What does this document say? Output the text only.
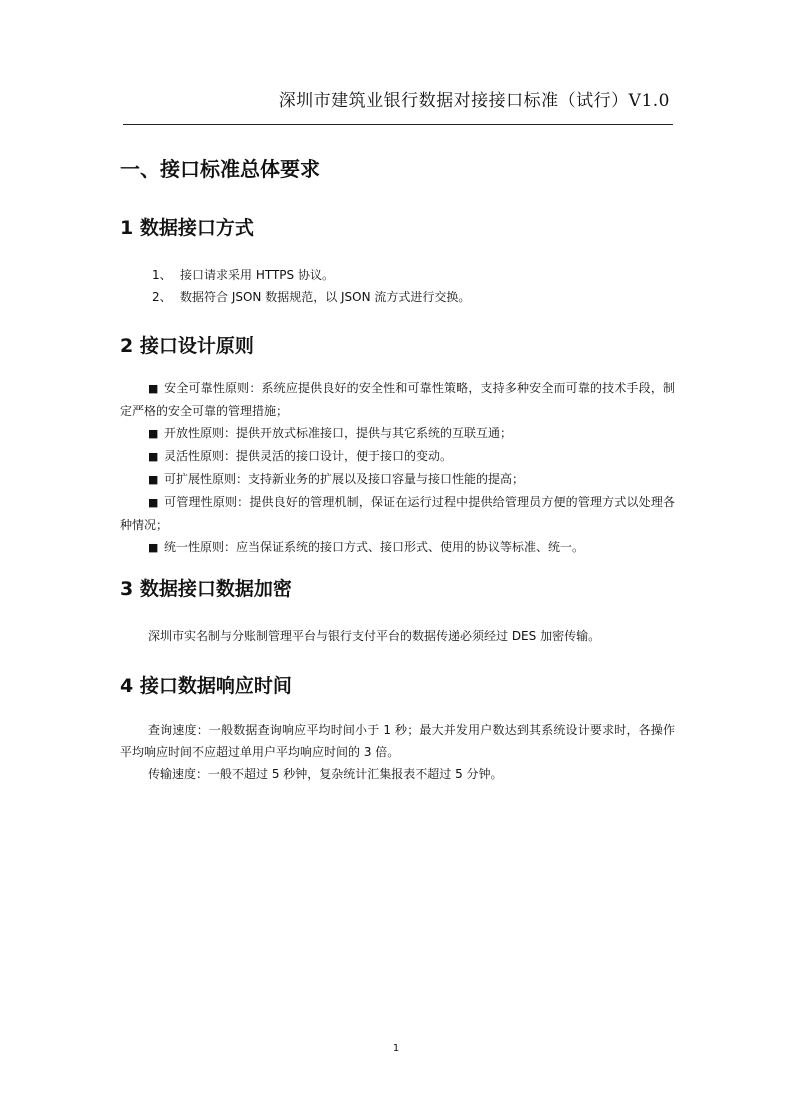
深圳市建筑业银行数据对接接口标准（试行）V1.0
一、接口标准总体要求
1 数据接口方式
1、 接口请求采用 HTTPS 协议。
2、 数据符合 JSON 数据规范，以 JSON 流方式进行交换。
2 接口设计原则
■ 安全可靠性原则：系统应提供良好的安全性和可靠性策略，支持多种安全而可靠的技术手段，制定严格的安全可靠的管理措施；
■ 开放性原则：提供开放式标准接口，提供与其它系统的互联互通；
■ 灵活性原则：提供灵活的接口设计，便于接口的变动。
■ 可扩展性原则：支持新业务的扩展以及接口容量与接口性能的提高；
■ 可管理性原则：提供良好的管理机制，保证在运行过程中提供给管理员方便的管理方式以处理各种情况；
■ 统一性原则：应当保证系统的接口方式、接口形式、使用的协议等标准、统一。
3 数据接口数据加密
深圳市实名制与分账制管理平台与银行支付平台的数据传递必须经过 DES 加密传输。
4 接口数据响应时间
查询速度：一般数据查询响应平均时间小于 1 秒；最大并发用户数达到其系统设计要求时，各操作平均响应时间不应超过单用户平均响应时间的 3 倍。
传输速度：一般不超过 5 秒钟，复杂统计汇集报表不超过 5 分钟。
1
